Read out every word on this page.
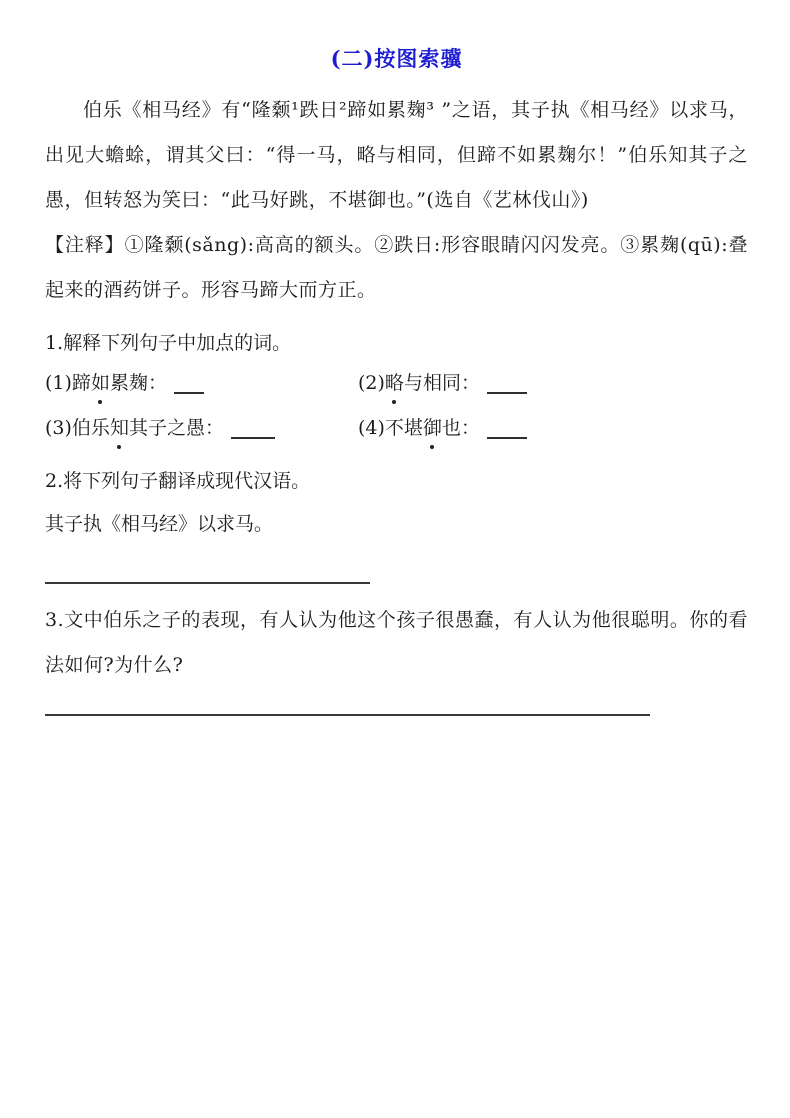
(二)按图索骥

伯乐《相马经》有“隆颡¹跌日²蹄如累麹³ ”之语，其子执《相马经》以求马，出见大蟾蜍，谓其父曰：“得一马，略与相同，但蹄不如累麹尔！”伯乐知其子之愚，但转怒为笑曰：“此马好跳，不堪御也。”(选自《艺林伐山》)

【注释】①隆颡(sǎng):高高的额头。②跌日:形容眼睛闪闪发亮。③累麹(qū):叠起来的酒药饼子。形容马蹄大而方正。

1.解释下列句子中加点的词。

(1)蹄如累麹：	(2)略与相同：
(3)伯乐知其子之愚：	(4)不堪御也：

2.将下列句子翻译成现代汉语。

其子执《相马经》以求马。

3.文中伯乐之子的表现，有人认为他这个孩子很愚蠢，有人认为他很聪明。你的看法如何?为什么?
